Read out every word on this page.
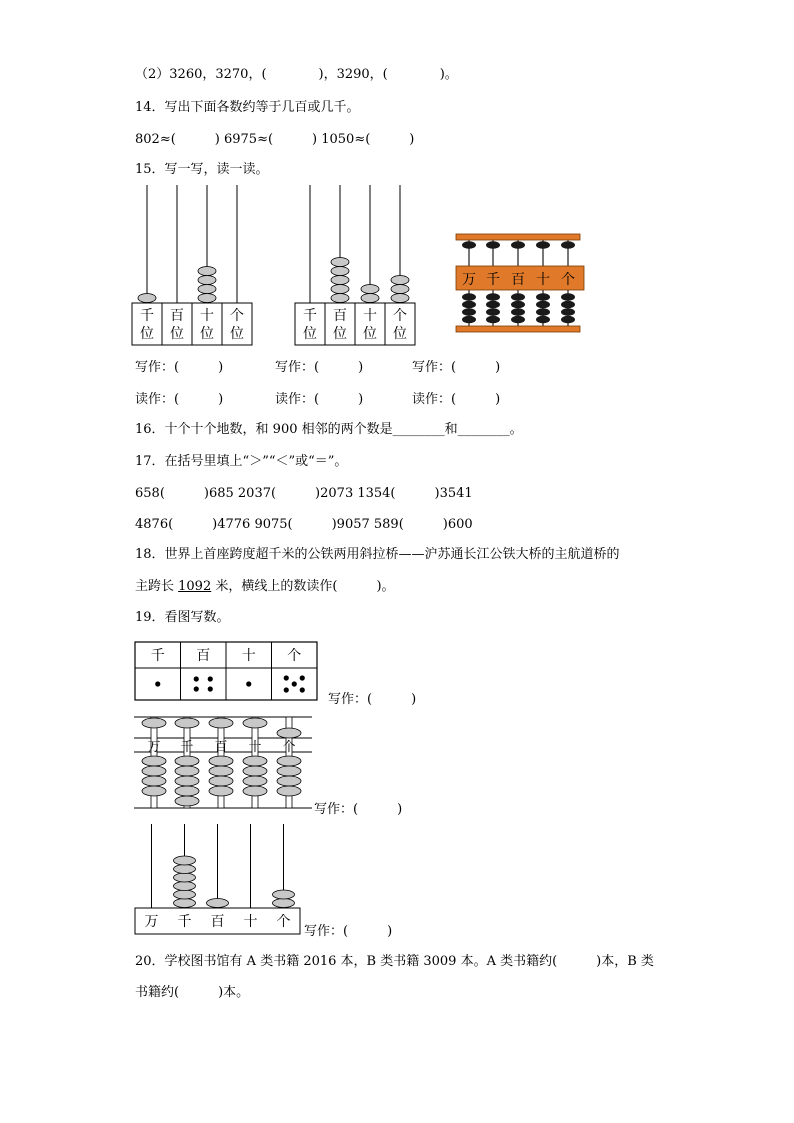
（2）3260，3270，(　　　　)，3290，(　　　　)。
14．写出下面各数约等于几百或几千。
802≈(　　　) 6975≈(　　　) 1050≈(　　　)
15．写一写，读一读。
千
位
百
位
十
位
个
位
千
位
百
位
十
位
个
位
万 千 百 十 个
写作：(　　　)	写作：(　　　)	写作：(　　　)
读作：(　　　)	读作：(　　　)	读作：(　　　)
16．十个十个地数，和 900 相邻的两个数是________和________。
17．在括号里填上“＞”“＜”或“＝”。
658(　　　)685 2037(　　　)2073 1354(　　　)3541
4876(　　　)4776 9075(　　　)9057 589(　　　)600
18．世界上首座跨度超千米的公铁两用斜拉桥——沪苏通长江公铁大桥的主航道桥的
主跨长 1092 米，横线上的数读作(　　　)。
19．看图写数。
千 百 十 个
写作：(　　　)
万 千 百 十 个
写作：(　　　)
万 千 百 十 个
写作：(　　　)
20．学校图书馆有 A 类书籍 2016 本，B 类书籍 3009 本。A 类书籍约(　　　)本，B 类
书籍约(　　　)本。
